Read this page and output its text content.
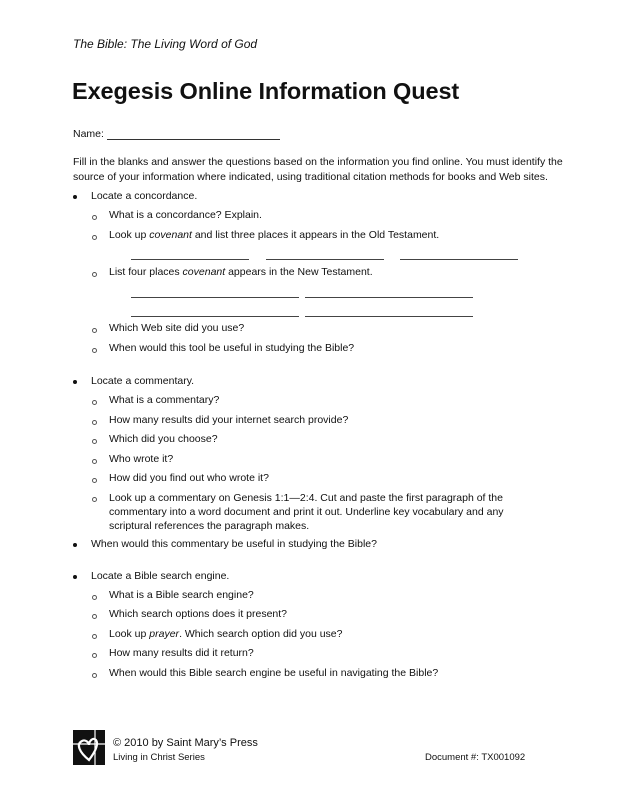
The Bible: The Living Word of God
Exegesis Online Information Quest
Name:
Fill in the blanks and answer the questions based on the information you find online. You must identify the source of your information where indicated, using traditional citation methods for books and Web sites.
Locate a concordance.
What is a concordance? Explain.
Look up covenant and list three places it appears in the Old Testament.
List four places covenant appears in the New Testament.
Which Web site did you use?
When would this tool be useful in studying the Bible?
Locate a commentary.
What is a commentary?
How many results did your internet search provide?
Which did you choose?
Who wrote it?
How did you find out who wrote it?
Look up a commentary on Genesis 1:1—2:4. Cut and paste the first paragraph of the commentary into a word document and print it out. Underline key vocabulary and any scriptural references the paragraph makes.
When would this commentary be useful in studying the Bible?
Locate a Bible search engine.
What is a Bible search engine?
Which search options does it present?
Look up prayer. Which search option did you use?
How many results did it return?
When would this Bible search engine be useful in navigating the Bible?
© 2010 by Saint Mary’s Press
Living in Christ Series	Document #: TX001092
